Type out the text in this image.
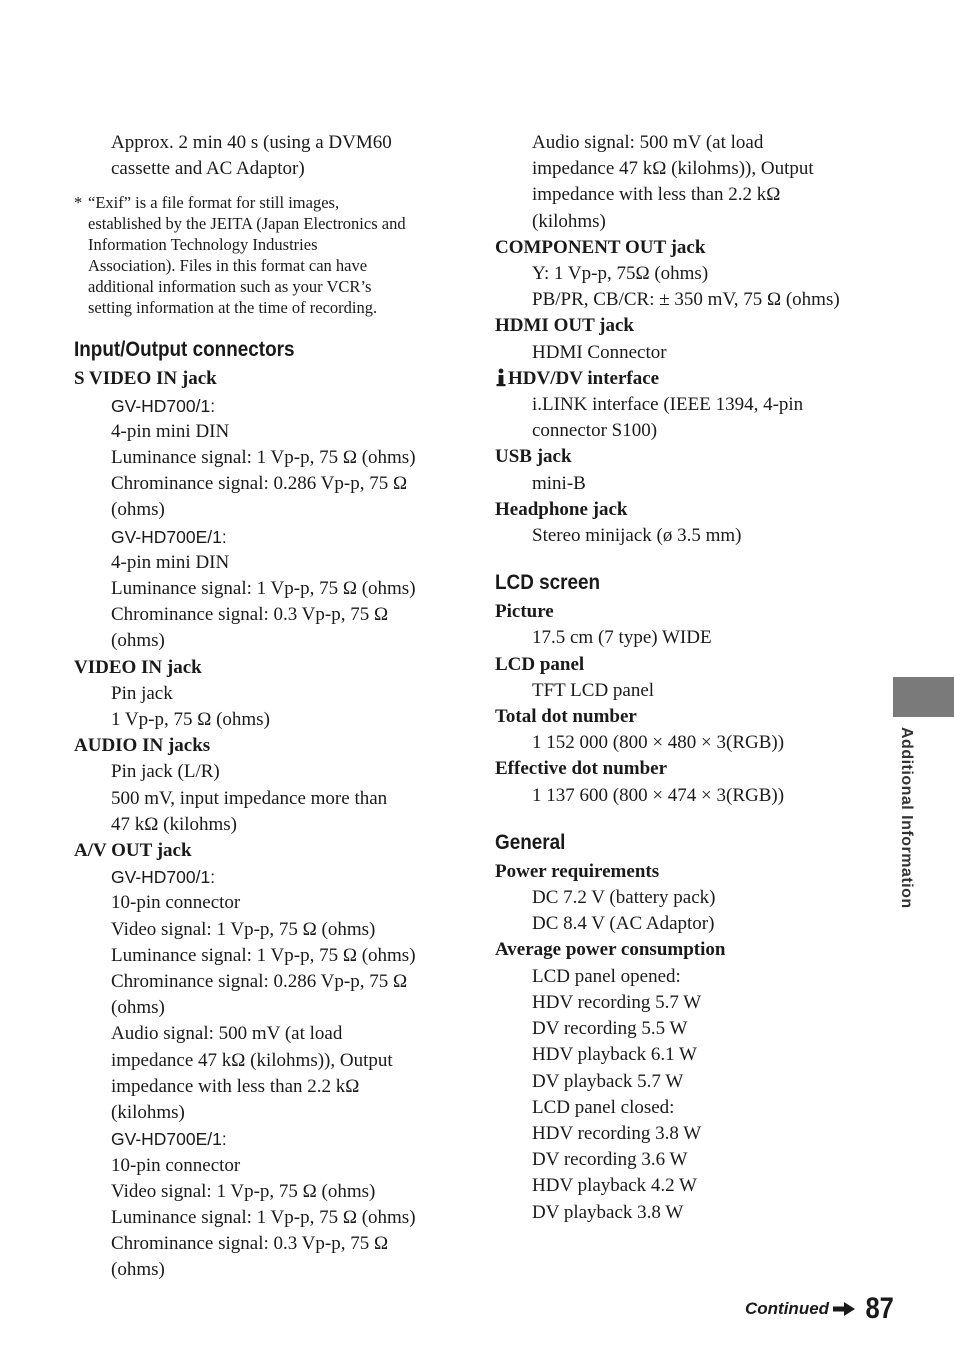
Approx. 2 min 40 s (using a DVM60
cassette and AC Adaptor)
* “Exif” is a file format for still images,
established by the JEITA (Japan Electronics and
Information Technology Industries
Association). Files in this format can have
additional information such as your VCR’s
setting information at the time of recording.
Input/Output connectors
S VIDEO IN jack
GV-HD700/1:
4-pin mini DIN
Luminance signal: 1 Vp-p, 75 Ω (ohms)
Chrominance signal: 0.286 Vp-p, 75 Ω
(ohms)
GV-HD700E/1:
4-pin mini DIN
Luminance signal: 1 Vp-p, 75 Ω (ohms)
Chrominance signal: 0.3 Vp-p, 75 Ω
(ohms)
VIDEO IN jack
Pin jack
1 Vp-p, 75 Ω (ohms)
AUDIO IN jacks
Pin jack (L/R)
500 mV, input impedance more than
47 kΩ (kilohms)
A/V OUT jack
GV-HD700/1:
10-pin connector
Video signal: 1 Vp-p, 75 Ω (ohms)
Luminance signal: 1 Vp-p, 75 Ω (ohms)
Chrominance signal: 0.286 Vp-p, 75 Ω
(ohms)
Audio signal: 500 mV (at load
impedance 47 kΩ (kilohms)), Output
impedance with less than 2.2 kΩ
(kilohms)
GV-HD700E/1:
10-pin connector
Video signal: 1 Vp-p, 75 Ω (ohms)
Luminance signal: 1 Vp-p, 75 Ω (ohms)
Chrominance signal: 0.3 Vp-p, 75 Ω
(ohms)
Audio signal: 500 mV (at load
impedance 47 kΩ (kilohms)), Output
impedance with less than 2.2 kΩ
(kilohms)
COMPONENT OUT jack
Y: 1 Vp-p, 75Ω (ohms)
PB/PR, CB/CR: ± 350 mV, 75 Ω (ohms)
HDMI OUT jack
HDMI Connector
HDV/DV interface
i.LINK interface (IEEE 1394, 4-pin
connector S100)
USB jack
mini-B
Headphone jack
Stereo minijack (ø 3.5 mm)
LCD screen
Picture
17.5 cm (7 type) WIDE
LCD panel
TFT LCD panel
Total dot number
1 152 000 (800 × 480 × 3(RGB))
Effective dot number
1 137 600 (800 × 474 × 3(RGB))
General
Power requirements
DC 7.2 V (battery pack)
DC 8.4 V (AC Adaptor)
Average power consumption
LCD panel opened:
HDV recording 5.7 W
DV recording 5.5 W
HDV playback 6.1 W
DV playback 5.7 W
LCD panel closed:
HDV recording 3.8 W
DV recording 3.6 W
HDV playback 4.2 W
DV playback 3.8 W
Additional Information
Continued 87
